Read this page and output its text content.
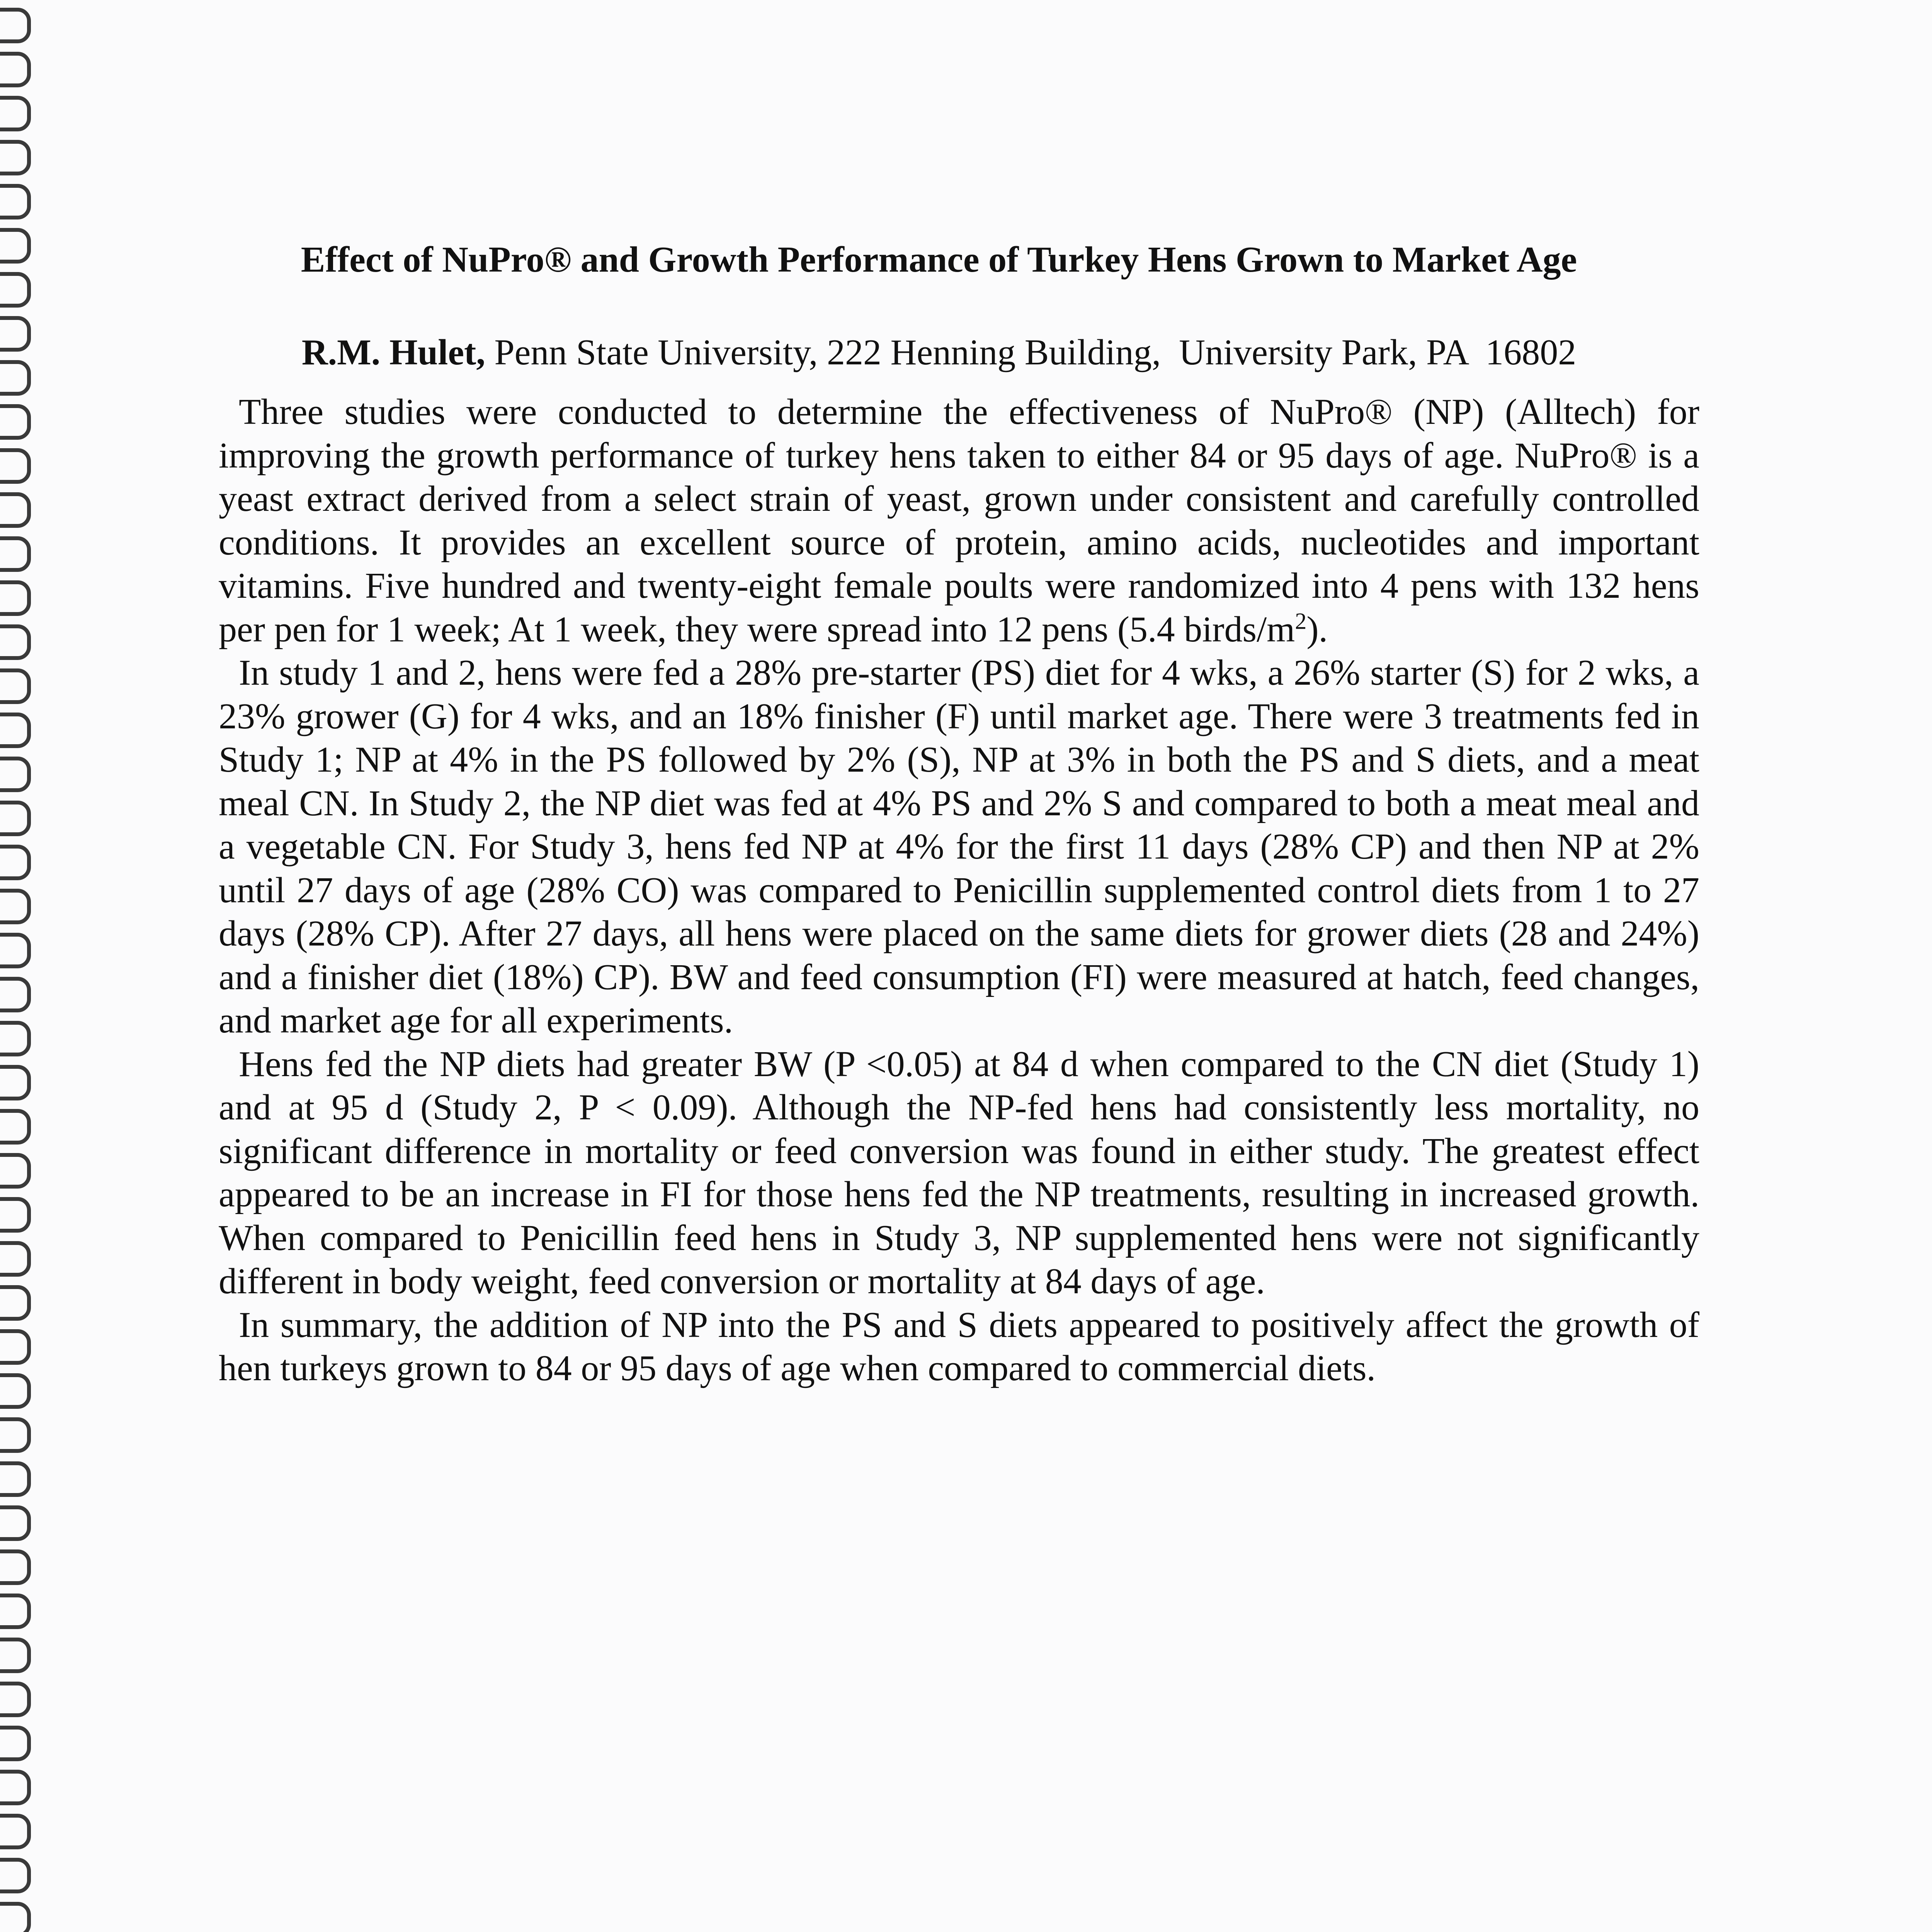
Effect of NuPro® and Growth Performance of Turkey Hens Grown to Market Age

R.M. Hulet, Penn State University, 222 Henning Building,  University Park, PA  16802

Three studies were conducted to determine the effectiveness of NuPro® (NP) (Alltech) for improving the growth performance of turkey hens taken to either 84 or 95 days of age. NuPro® is a yeast extract derived from a select strain of yeast, grown under consistent and carefully controlled conditions. It provides an excellent source of protein, amino acids, nucleotides and important vitamins. Five hundred and twenty-eight female poults were randomized into 4 pens with 132 hens per pen for 1 week; At 1 week, they were spread into 12 pens (5.4 birds/$m^2$).

In study 1 and 2, hens were fed a 28% pre-starter (PS) diet for 4 wks, a 26% starter (S) for 2 wks, a 23% grower (G) for 4 wks, and an 18% finisher (F) until market age. There were 3 treatments fed in Study 1; NP at 4% in the PS followed by 2% (S), NP at 3% in both the PS and S diets, and a meat meal CN. In Study 2, the NP diet was fed at 4% PS and 2% S and compared to both a meat meal and a vegetable CN. For Study 3, hens fed NP at 4% for the first 11 days (28% CP) and then NP at 2% until 27 days of age (28% CO) was compared to Penicillin supplemented control diets from 1 to 27 days (28% CP). After 27 days, all hens were placed on the same diets for grower diets (28 and 24%) and a finisher diet (18%) CP). BW and feed consumption (FI) were measured at hatch, feed changes, and market age for all experiments.

Hens fed the NP diets had greater BW (P <0.05) at 84 d when compared to the CN diet (Study 1) and at 95 d (Study 2, P < 0.09). Although the NP-fed hens had consistently less mortality, no significant difference in mortality or feed conversion was found in either study. The greatest effect appeared to be an increase in FI for those hens fed the NP treatments, resulting in increased growth. When compared to Penicillin feed hens in Study 3, NP supplemented hens were not significantly different in body weight, feed conversion or mortality at 84 days of age.

In summary, the addition of NP into the PS and S diets appeared to positively affect the growth of hen turkeys grown to 84 or 95 days of age when compared to commercial diets.
